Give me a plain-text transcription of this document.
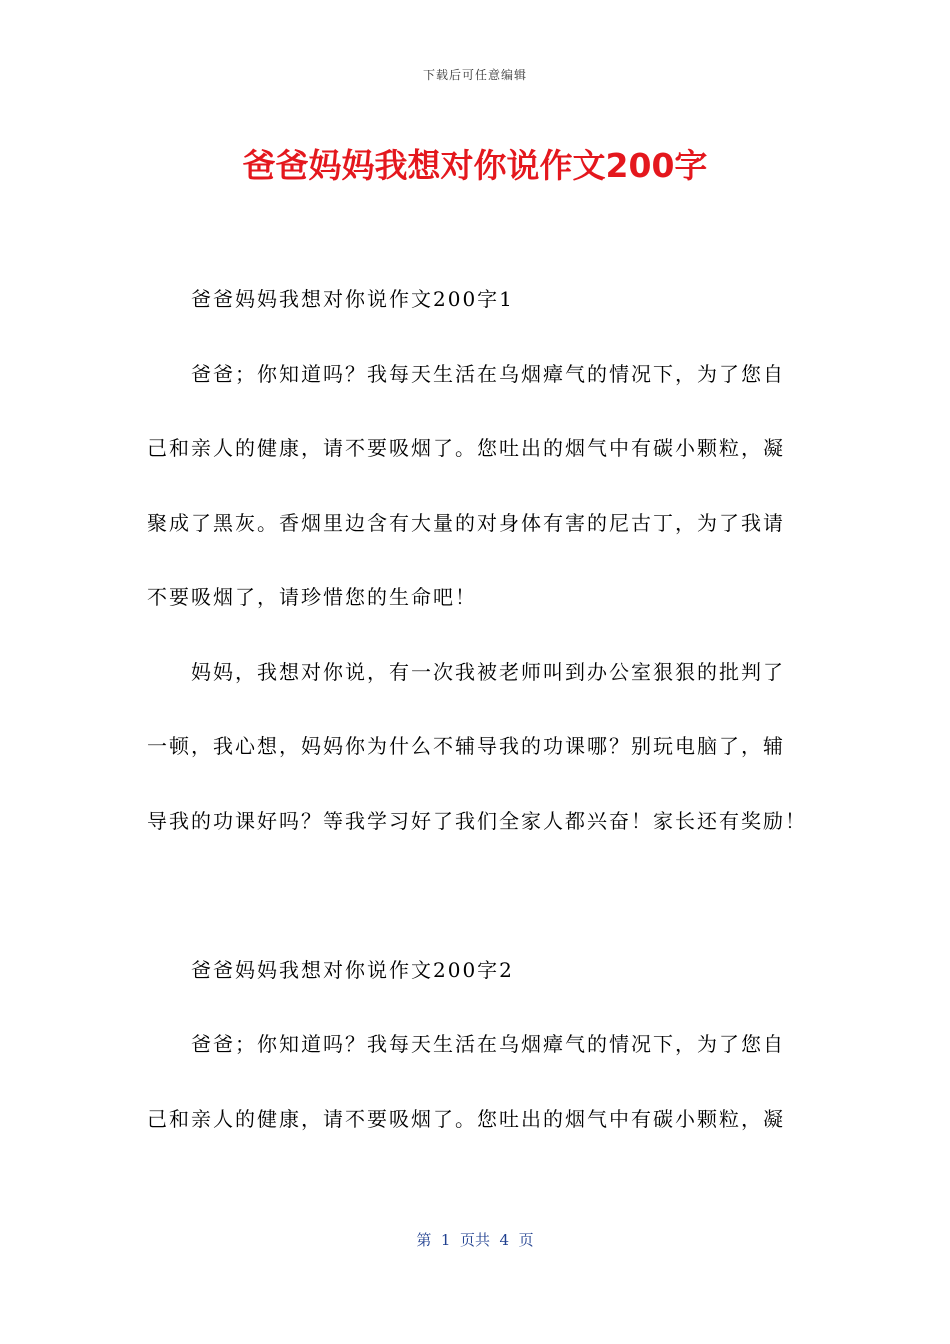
下载后可任意编辑
爸爸妈妈我想对你说作文200字
爸爸妈妈我想对你说作文200字1
爸爸；你知道吗？我每天生活在乌烟瘴气的情况下，为了您自
己和亲人的健康，请不要吸烟了。您吐出的烟气中有碳小颗粒，凝
聚成了黑灰。香烟里边含有大量的对身体有害的尼古丁，为了我请
不要吸烟了，请珍惜您的生命吧！
妈妈，我想对你说，有一次我被老师叫到办公室狠狠的批判了
一顿，我心想，妈妈你为什么不辅导我的功课哪？别玩电脑了，辅
导我的功课好吗？等我学习好了我们全家人都兴奋！家长还有奖励！
爸爸妈妈我想对你说作文200字2
爸爸；你知道吗？我每天生活在乌烟瘴气的情况下，为了您自
己和亲人的健康，请不要吸烟了。您吐出的烟气中有碳小颗粒，凝
第  1  页共  4  页
